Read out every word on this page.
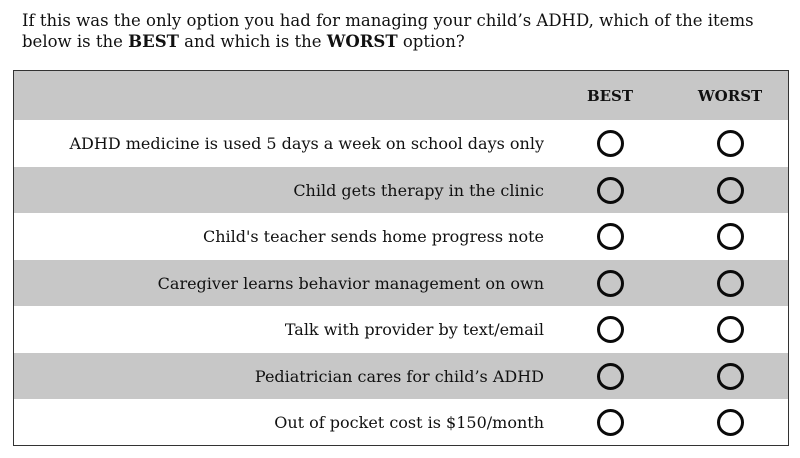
If this was the only option you had for managing your child’s ADHD, which of the items below is the BEST and which is the WORST option?
BEST	WORST
ADHD medicine is used 5 days a week on school days only
Child gets therapy in the clinic
Child's teacher sends home progress note
Caregiver learns behavior management on own
Talk with provider by text/email
Pediatrician cares for child’s ADHD
Out of pocket cost is $150/month
